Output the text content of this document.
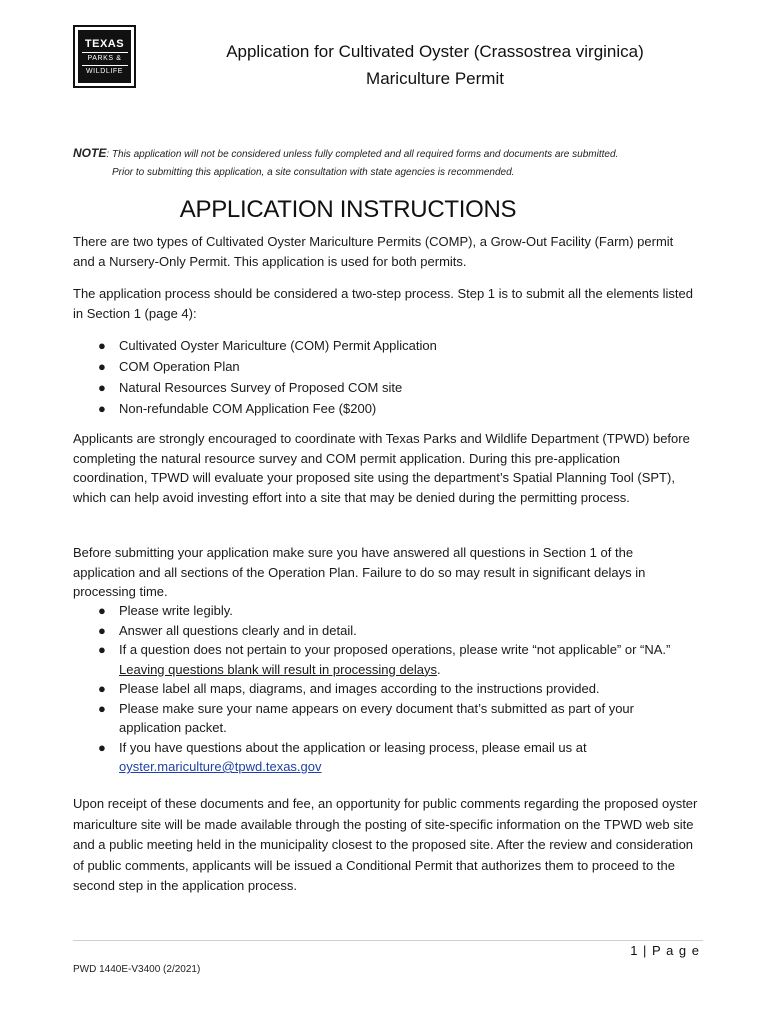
TEXAS
PARKS &
WILDLIFE
Application for Cultivated Oyster (Crassostrea virginica)
Mariculture Permit
NOTE: This application will not be considered unless fully completed and all required forms and documents are submitted.
Prior to submitting this application, a site consultation with state agencies is recommended.
APPLICATION INSTRUCTIONS
There are two types of Cultivated Oyster Mariculture Permits (COMP), a Grow-Out Facility (Farm) permit and a Nursery-Only Permit. This application is used for both permits.
The application process should be considered a two-step process. Step 1 is to submit all the elements listed in Section 1 (page 4):
● Cultivated Oyster Mariculture (COM) Permit Application
● COM Operation Plan
● Natural Resources Survey of Proposed COM site
● Non-refundable COM Application Fee ($200)
Applicants are strongly encouraged to coordinate with Texas Parks and Wildlife Department (TPWD) before completing the natural resource survey and COM permit application. During this pre-application coordination, TPWD will evaluate your proposed site using the department’s Spatial Planning Tool (SPT), which can help avoid investing effort into a site that may be denied during the permitting process.
Before submitting your application make sure you have answered all questions in Section 1 of the application and all sections of the Operation Plan. Failure to do so may result in significant delays in processing time.
● Please write legibly.
● Answer all questions clearly and in detail.
● If a question does not pertain to your proposed operations, please write “not applicable” or “NA.” Leaving questions blank will result in processing delays.
● Please label all maps, diagrams, and images according to the instructions provided.
● Please make sure your name appears on every document that’s submitted as part of your application packet.
● If you have questions about the application or leasing process, please email us at
oyster.mariculture@tpwd.texas.gov
Upon receipt of these documents and fee, an opportunity for public comments regarding the proposed oyster mariculture site will be made available through the posting of site-specific information on the TPWD web site and a public meeting held in the municipality closest to the proposed site. After the review and consideration of public comments, applicants will be issued a Conditional Permit that authorizes them to proceed to the second step in the application process.
1 | P a g e
PWD 1440E-V3400 (2/2021)
